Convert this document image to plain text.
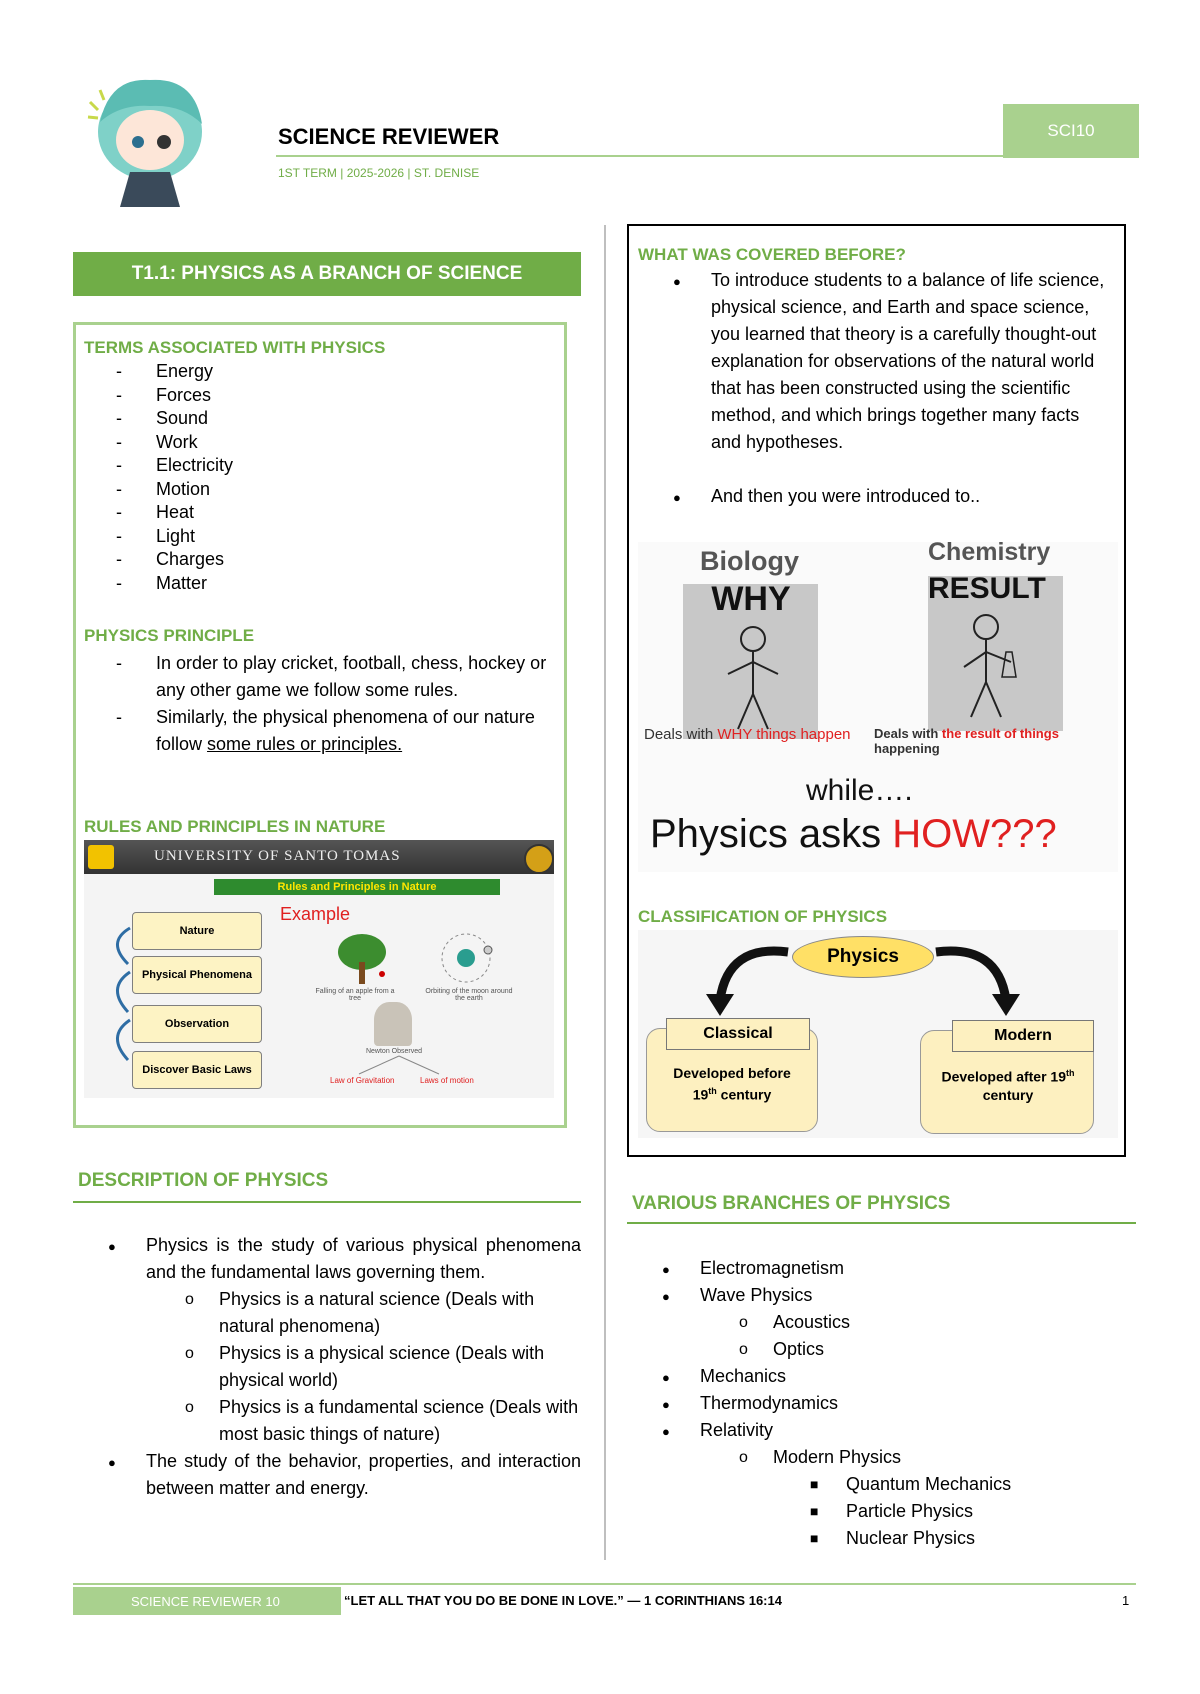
SCIENCE REVIEWER
1ST TERM | 2025-2026 | ST. DENISE
SCI10
T1.1: PHYSICS AS A BRANCH OF SCIENCE
TERMS ASSOCIATED WITH PHYSICS
- Energy
- Forces
- Sound
- Work
- Electricity
- Motion
- Heat
- Light
- Charges
- Matter
PHYSICS PRINCIPLE
- In order to play cricket, football, chess, hockey or any other game we follow some rules.
- Similarly, the physical phenomena of our nature follow some rules or principles.
RULES AND PRINCIPLES IN NATURE
UNIVERSITY OF SANTO TOMAS
Rules and Principles in Nature
Nature
Physical Phenomena
Observation
Discover Basic Laws
Example
Falling of an apple from a tree
Orbiting of the moon around the earth
Newton Observed
Law of Gravitation	Laws of motion
DESCRIPTION OF PHYSICS
● Physics is the study of various physical phenomena and the fundamental laws governing them.
o Physics is a natural science (Deals with natural phenomena)
o Physics is a physical science (Deals with physical world)
o Physics is a fundamental science (Deals with most basic things of nature)
● The study of the behavior, properties, and interaction between matter and energy.
WHAT WAS COVERED BEFORE?
● To introduce students to a balance of life science, physical science, and Earth and space science, you learned that theory is a carefully thought-out explanation for observations of the natural world that has been constructed using the scientific method, and which brings together many facts and hypotheses.
● And then you were introduced to..
Biology
WHY
Deals with WHY things happen
Chemistry
RESULT
Deals with the result of things happening
while….
Physics asks HOW???
CLASSIFICATION OF PHYSICS
Physics
Classical
Developed before
19th century
Modern
Developed after 19th
century
VARIOUS BRANCHES OF PHYSICS
● Electromagnetism
● Wave Physics
o Acoustics
o Optics
● Mechanics
● Thermodynamics
● Relativity
o Modern Physics
■ Quantum Mechanics
■ Particle Physics
■ Nuclear Physics
SCIENCE REVIEWER 10	“LET ALL THAT YOU DO BE DONE IN LOVE.” — 1 CORINTHIANS 16:14	1
